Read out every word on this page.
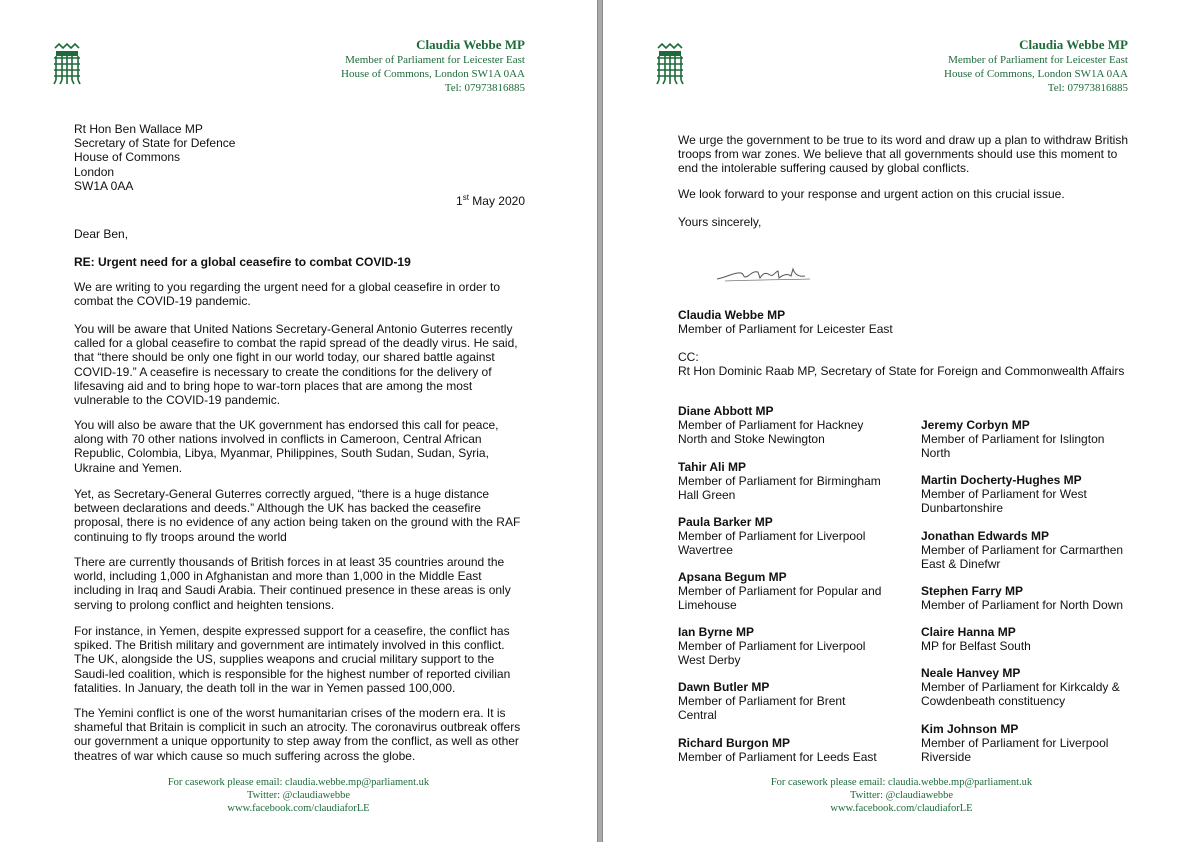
Claudia Webbe MP
Member of Parliament for Leicester East
House of Commons, London SW1A 0AA
Tel: 07973816885
Rt Hon Ben Wallace MP
Secretary of State for Defence
House of Commons
London
SW1A 0AA
1st May 2020
Dear Ben,
RE: Urgent need for a global ceasefire to combat COVID-19
We are writing to you regarding the urgent need for a global ceasefire in order to
combat the COVID-19 pandemic.
You will be aware that United Nations Secretary-General Antonio Guterres recently
called for a global ceasefire to combat the rapid spread of the deadly virus. He said,
that “there should be only one fight in our world today, our shared battle against
COVID-19.” A ceasefire is necessary to create the conditions for the delivery of
lifesaving aid and to bring hope to war-torn places that are among the most
vulnerable to the COVID-19 pandemic.
You will also be aware that the UK government has endorsed this call for peace,
along with 70 other nations involved in conflicts in Cameroon, Central African
Republic, Colombia, Libya, Myanmar, Philippines, South Sudan, Sudan, Syria,
Ukraine and Yemen.
Yet, as Secretary-General Guterres correctly argued, “there is a huge distance
between declarations and deeds.” Although the UK has backed the ceasefire
proposal, there is no evidence of any action being taken on the ground with the RAF
continuing to fly troops around the world
There are currently thousands of British forces in at least 35 countries around the
world, including 1,000 in Afghanistan and more than 1,000 in the Middle East
including in Iraq and Saudi Arabia. Their continued presence in these areas is only
serving to prolong conflict and heighten tensions.
For instance, in Yemen, despite expressed support for a ceasefire, the conflict has
spiked. The British military and government are intimately involved in this conflict.
The UK, alongside the US, supplies weapons and crucial military support to the
Saudi-led coalition, which is responsible for the highest number of reported civilian
fatalities. In January, the death toll in the war in Yemen passed 100,000.
The Yemini conflict is one of the worst humanitarian crises of the modern era. It is
shameful that Britain is complicit in such an atrocity. The coronavirus outbreak offers
our government a unique opportunity to step away from the conflict, as well as other
theatres of war which cause so much suffering across the globe.
For casework please email: claudia.webbe.mp@parliament.uk
Twitter: @claudiawebbe
www.facebook.com/claudiaforLE
Claudia Webbe MP
Member of Parliament for Leicester East
House of Commons, London SW1A 0AA
Tel: 07973816885
We urge the government to be true to its word and draw up a plan to withdraw British
troops from war zones. We believe that all governments should use this moment to
end the intolerable suffering caused by global conflicts.
We look forward to your response and urgent action on this crucial issue.
Yours sincerely,
Claudia Webbe MP
Member of Parliament for Leicester East
CC:
Rt Hon Dominic Raab MP, Secretary of State for Foreign and Commonwealth Affairs
Diane Abbott MP
Member of Parliament for Hackney
North and Stoke Newington
Tahir Ali MP
Member of Parliament for Birmingham
Hall Green
Paula Barker MP
Member of Parliament for Liverpool
Wavertree
Apsana Begum MP
Member of Parliament for Popular and
Limehouse
Ian Byrne MP
Member of Parliament for Liverpool
West Derby
Dawn Butler MP
Member of Parliament for Brent
Central
Richard Burgon MP
Member of Parliament for Leeds East
Jeremy Corbyn MP
Member of Parliament for Islington
North
Martin Docherty-Hughes MP
Member of Parliament for West
Dunbartonshire
Jonathan Edwards MP
Member of Parliament for Carmarthen
East & Dinefwr
Stephen Farry MP
Member of Parliament for North Down
Claire Hanna MP
MP for Belfast South
Neale Hanvey MP
Member of Parliament for Kirkcaldy &
Cowdenbeath constituency
Kim Johnson MP
Member of Parliament for Liverpool
Riverside
For casework please email: claudia.webbe.mp@parliament.uk
Twitter: @claudiawebbe
www.facebook.com/claudiaforLE
